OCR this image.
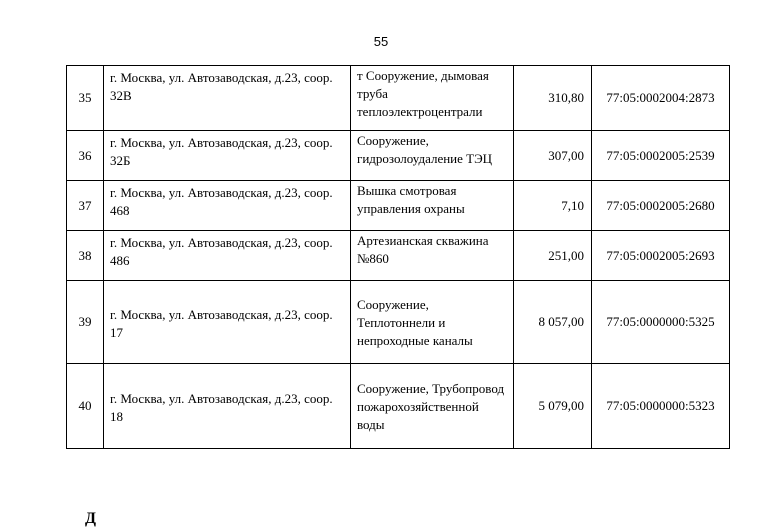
55
35	г. Москва, ул. Автозаводская, д.23, соор. 32В	т Сооружение, дымовая труба теплоэлектроцентрали	310,80	77:05:0002004:2873
36	г. Москва, ул. Автозаводская, д.23, соор. 32Б	Сооружение, гидрозолоудаление ТЭЦ	307,00	77:05:0002005:2539
37	г. Москва, ул. Автозаводская, д.23, соор. 468	Вышка смотровая управления охраны	7,10	77:05:0002005:2680
38	г. Москва, ул. Автозаводская, д.23, соор. 486	Артезианская скважина №860	251,00	77:05:0002005:2693
39	г. Москва, ул. Автозаводская, д.23, соор. 17	Сооружение, Теплотоннели и непроходные каналы	8 057,00	77:05:0000000:5325
40	г. Москва, ул. Автозаводская, д.23, соор. 18	Сооружение, Трубопровод пожарохозяйственной воды	5 079,00	77:05:0000000:5323
Д
